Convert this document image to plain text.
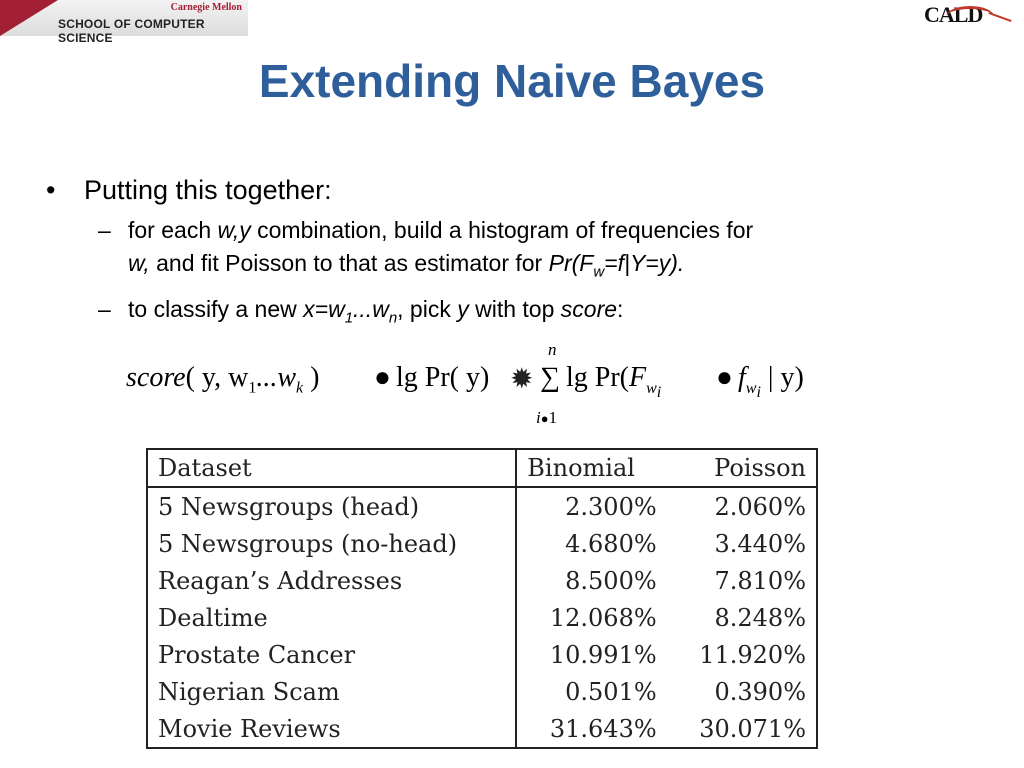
Carnegie Mellon
SCHOOL OF COMPUTER SCIENCE
CALD
Extending Naive Bayes
• Putting this together:
– for each w,y combination, build a histogram of frequencies for
w, and fit Poisson to that as estimator for $Pr(F_w=f|Y=y)$.
– to classify a new $x=w_1...w_n$, pick y with top score:
score( y, $w_1...w_k$ ) ● lg Pr( y) ✹ ∑
n
i●1
$\lg Pr(F_{w_i}$ ● $f_{w_i}$ | y)
Dataset	Binomial	Poisson
5 Newsgroups (head)	2.300%	2.060%
5 Newsgroups (no-head)	4.680%	3.440%
Reagan’s Addresses	8.500%	7.810%
Dealtime	12.068%	8.248%
Prostate Cancer	10.991%	11.920%
Nigerian Scam	0.501%	0.390%
Movie Reviews	31.643%	30.071%
